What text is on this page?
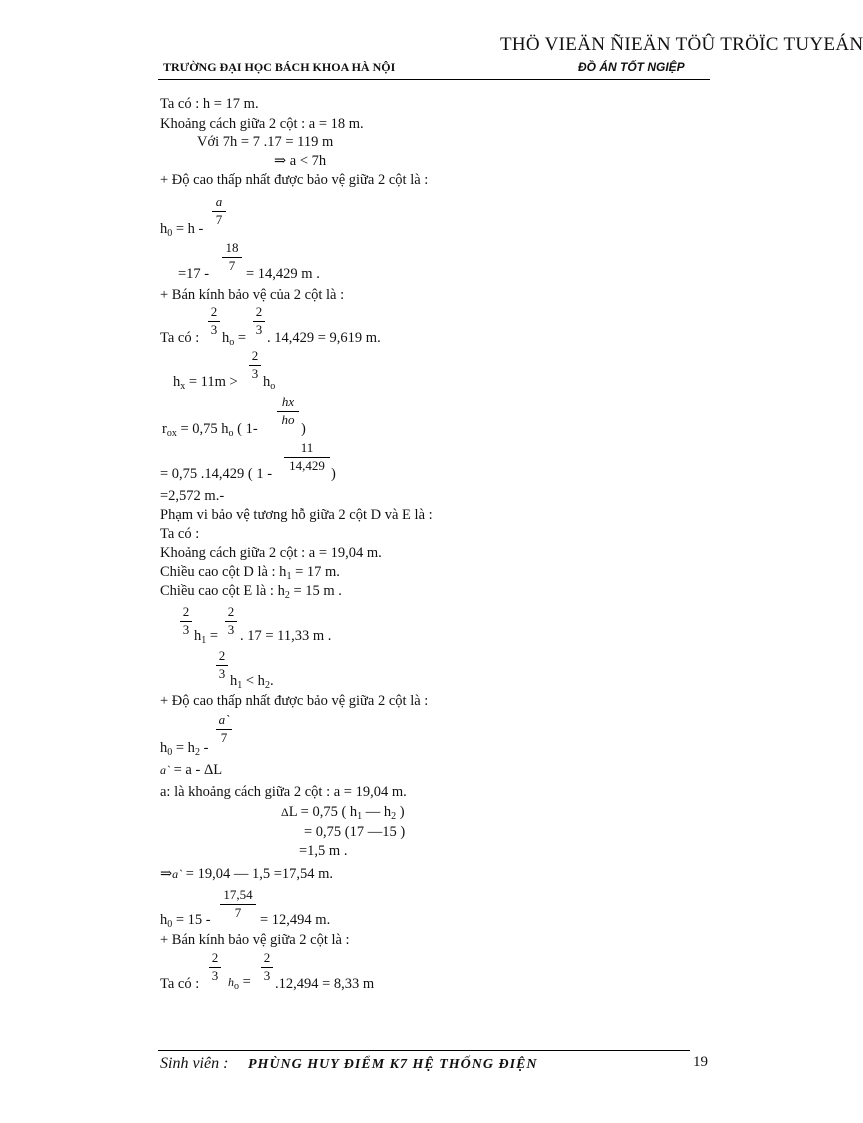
THÖ VIEÄN ÑIEÄN TÖÛ TRÖÏC TUYEÁN
TRƯỜNG ĐẠI HỌC BÁCH KHOA HÀ NỘI	ĐỒ ÁN TỐT NGIỆP
Ta có : h = 17 m.
Khoảng cách giữa 2 cột : a = 18 m.
Với 7h = 7 .17 = 119 m
⇒ a < 7h
+ Độ cao thấp nhất được bảo vệ giữa 2 cột là :
a
7
$h_0 = h$ -
18
7
=17 -	= 14,429 m .
+ Bán kính bảo vệ của 2 cột là :
2
3
2
3
Ta có : $h_o$ = . 14,429 = 9,619 m.
2
3
$h_x = 11m > h_o$
hx
ho
$r_{ox} = 0,75$ $h_o$ ( 1-	)
11
14,429
= 0,75 .14,429 ( 1 -	)
=2,572 m.-
Phạm vi bảo vệ tương hỗ giữa 2 cột D và E là :
Ta có :
Khoảng cách giữa 2 cột : a = 19,04 m.
Chiều cao cột D là : $h_1 = 17$ m.
Chiều cao cột E là : $h_2 = 15$ m .
2
3
2
3
$h_1$ = . 17 = 11,33 m .
2
3 $h_1 < h_2$.
+ Độ cao thấp nhất được bảo vệ giữa 2 cột là :
a`
7
$h_0 = h_2$ -
a` = a - ΔL
a: là khoảng cách giữa 2 cột : a = 19,04 m.
ΔL = 0,75 ( $h_1$ — $h_2$ )
= 0,75 (17 —15 )
=1,5 m .
⇒a` = 19,04 — 1,5 =17,54 m.
17,54
7
$h_0 = 15$ -	= 12,494 m.
+ Bán kính bảo vệ giữa 2 cột là :
2
3
2
3
Ta có : $h_o = .12,494 = 8,33$ m
Sinh viên : PHÙNG HUY ĐIỂM K7 HỆ THỐNG ĐIỆN	19
